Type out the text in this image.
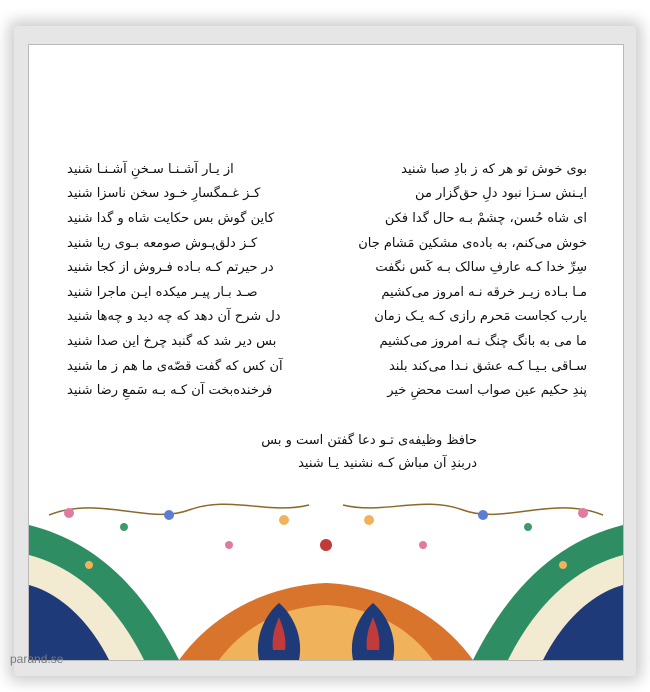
بوی خوش تو هر که ز بادِ صبا شنید
از یـار آشـنـا سـخنِ آشـنـا شنید
ایـنش سـزا نبود دلِ حق‌گزار من
کـز غـمگسارِ خـود سخن ناسزا شنید
ای شاه حُسن، چشمْ بـه حال گدا فکن
کاین گوش بس حکایت شاه و گدا شنید
خوش می‌کنم، به باده‌ی مشکین مَشام جان
کـز دلق‌پـوش صومعه بـوی ریا شنید
سِرِّ خدا کـه عارفِ سالک بـه کَس نگفت
در حیرتم کـه بـاده فـروش از کجا شنید
مـا بـاده زیـر خرقه نـه امروز می‌کشیم
صـد بـار پیـر میکده ایـن ماجرا شنید
یارب کجاست مَحرم رازی کـه یـک زمان
دل شرح آن دهد که چه دید و چه‌ها شنید
ما می به بانگ چنگ نـه امروز می‌کشیم
بس دیر شد که گنبد چرخ این صدا شنید
سـاقی بـیـا کـه عشق نـدا می‌کند بلند
آن کس که گفت قصّه‌ی ما هم ز ما شنید
پندِ حکیم عین صواب است محضِ خیر
فرخنده‌بخت آن کـه بـه سَمعِ رضا شنید
حافظ وظیفه‌ی تـو دعا گفتن است و بس
دربندِ آن مباش کـه نشنید یـا شنید
parand.se
